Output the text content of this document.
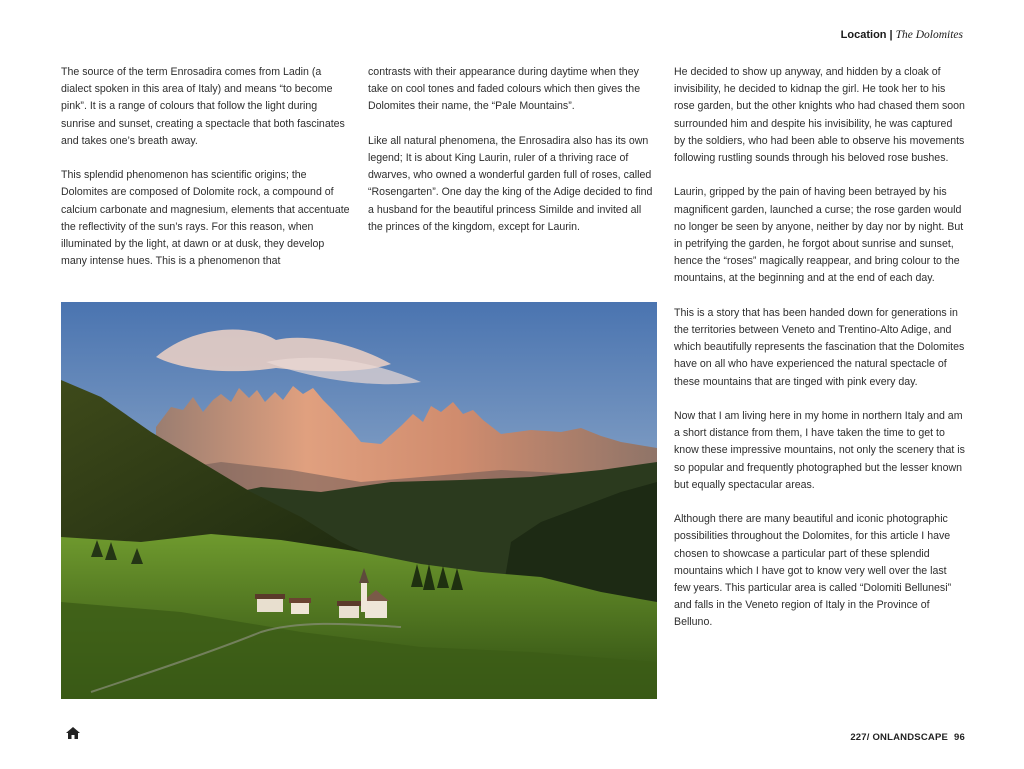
Location | The Dolomites

The source of the term Enrosadira comes from Ladin (a dialect spoken in this area of Italy) and means “to become pink”. It is a range of colours that follow the light during sunrise and sunset, creating a spectacle that both fascinates and takes one’s breath away.

This splendid phenomenon has scientific origins; the Dolomites are composed of Dolomite rock, a compound of calcium carbonate and magnesium, elements that accentuate the reflectivity of the sun’s rays. For this reason, when illuminated by the light, at dawn or at dusk, they develop many intense hues. This is a phenomenon that

contrasts with their appearance during daytime when they take on cool tones and faded colours which then gives the Dolomites their name, the “Pale Mountains”.

Like all natural phenomena, the Enrosadira also has its own legend; It is about King Laurin, ruler of a thriving race of dwarves, who owned a wonderful garden full of roses, called “Rosengarten”. One day the king of the Adige decided to find a husband for the beautiful princess Similde and invited all the princes of the kingdom, except for Laurin.

He decided to show up anyway, and hidden by a cloak of invisibility, he decided to kidnap the girl. He took her to his rose garden, but the other knights who had chased them soon surrounded him and despite his invisibility, he was captured by the soldiers, who had been able to observe his movements following rustling sounds through his beloved rose bushes.

Laurin, gripped by the pain of having been betrayed by his magnificent garden, launched a curse; the rose garden would no longer be seen by anyone, neither by day nor by night. But in petrifying the garden, he forgot about sunrise and sunset, hence the “roses” magically reappear, and bring colour to the mountains, at the beginning and at the end of each day.

This is a story that has been handed down for generations in the territories between Veneto and Trentino-Alto Adige, and which beautifully represents the fascination that the Dolomites have on all who have experienced the natural spectacle of these mountains that are tinged with pink every day.

Now that I am living here in my home in northern Italy and am a short distance from them, I have taken the time to get to know these impressive mountains, not only the scenery that is so popular and frequently photographed but the lesser known but equally spectacular areas.

Although there are many beautiful and iconic photographic possibilities throughout the Dolomites, for this article I have chosen to showcase a particular part of these splendid mountains which I have got to know very well over the last few years. This particular area is called “Dolomiti Bellunesi” and falls in the Veneto region of Italy in the Province of Belluno.

227/ ONLANDSCAPE 96
